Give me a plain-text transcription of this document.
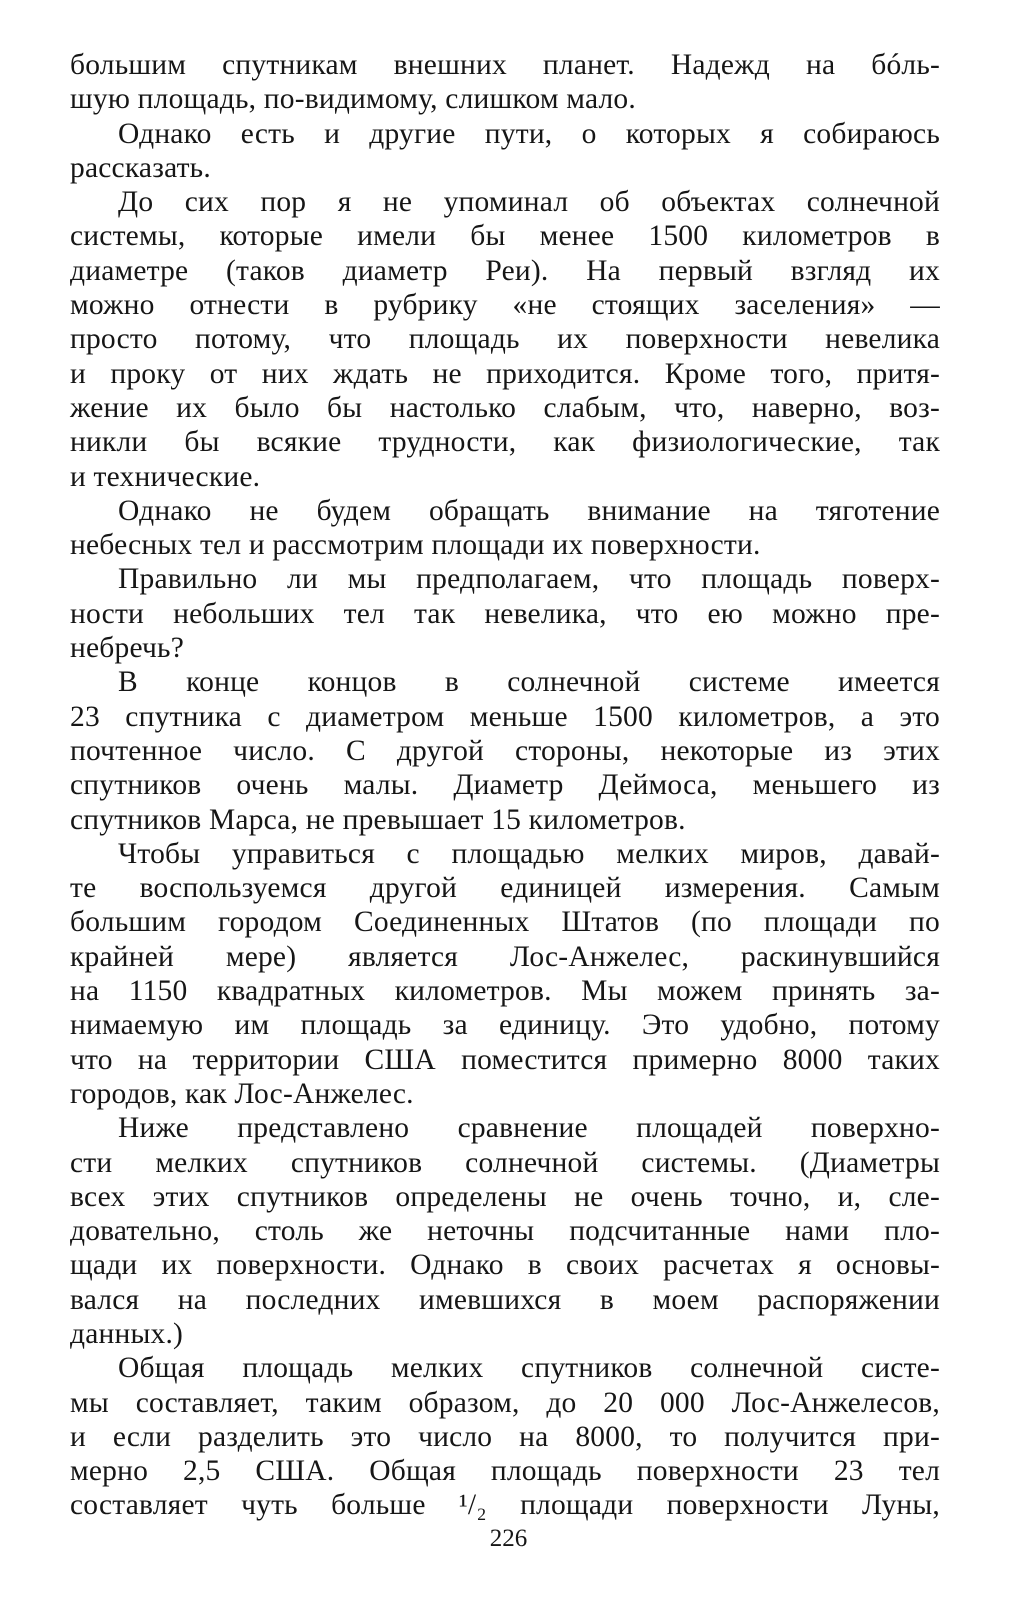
большим спутникам внешних планет. Надежд на бóль-
шую площадь, по-видимому, слишком мало.
Однако есть и другие пути, о которых я собираюсь
рассказать.
До сих пор я не упоминал об объектах солнечной
системы, которые имели бы менее 1500 километров в
диаметре (таков диаметр Реи). На первый взгляд их
можно отнести в рубрику «не стоящих заселения» —
просто потому, что площадь их поверхности невелика
и проку от них ждать не приходится. Кроме того, притя-
жение их было бы настолько слабым, что, наверно, воз-
никли бы всякие трудности, как физиологические, так
и технические.
Однако не будем обращать внимание на тяготение
небесных тел и рассмотрим площади их поверхности.
Правильно ли мы предполагаем, что площадь поверх-
ности небольших тел так невелика, что ею можно пре-
небречь?
В конце концов в солнечной системе имеется
23 спутника с диаметром меньше 1500 километров, а это
почтенное число. С другой стороны, некоторые из этих
спутников очень малы. Диаметр Деймоса, меньшего из
спутников Марса, не превышает 15 километров.
Чтобы управиться с площадью мелких миров, давай-
те воспользуемся другой единицей измерения. Самым
большим городом Соединенных Штатов (по площади по
крайней мере) является Лос-Анжелес, раскинувшийся
на 1150 квадратных километров. Мы можем принять за-
нимаемую им площадь за единицу. Это удобно, потому
что на территории США поместится примерно 8000 таких
городов, как Лос-Анжелес.
Ниже представлено сравнение площадей поверхно-
сти мелких спутников солнечной системы. (Диаметры
всех этих спутников определены не очень точно, и, сле-
довательно, столь же неточны подсчитанные нами пло-
щади их поверхности. Однако в своих расчетах я основы-
вался на последних имевшихся в моем распоряжении
данных.)
Общая площадь мелких спутников солнечной систе-
мы составляет, таким образом, до 20 000 Лос-Анжелесов,
и если разделить это число на 8000, то получится при-
мерно 2,5 США. Общая площадь поверхности 23 тел
составляет чуть больше ¹/₂ площади поверхности Луны,
226
